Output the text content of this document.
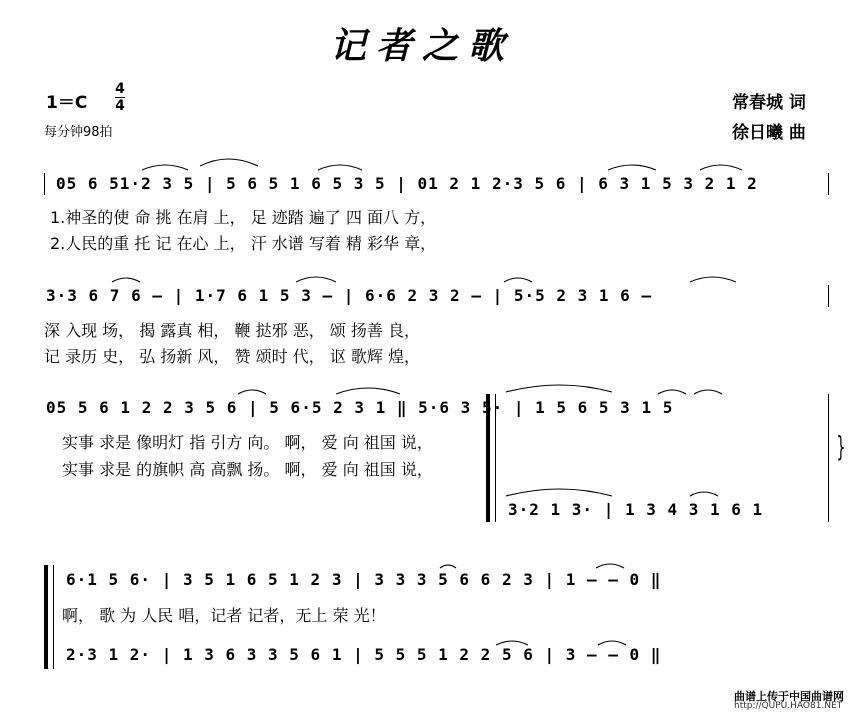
记者之歌
1＝C
4
4
每分钟98拍
常春城 词
徐日曦 曲
05 6 51·2 3 5 | 5 6 5 1 6 5 3 5 | 01 2 1 2·3 5 6 | 6 3 1 5 3 2 1 2
1.神圣的使 命 挑 在肩 上， 足 迹踏 遍了 四 面八 方，
2.人民的重 托 记 在心 上， 汗 水谱 写着 精 彩华 章，
3·3 6 7 6 — | 1·7 6 1 5 3 — | 6·6 2 3 2 — | 5·5 2 3 1 6 —
深 入现 场， 揭 露真 相， 鞭 挞邪 恶， 颂 扬善 良，
记 录历 史， 弘 扬新 风， 赞 颂时 代， 讴 歌辉 煌，
05 5 6 1 2 2 3 5 6 | 5 6·5 2 3 1 ‖ 5·6 3 5· | 1 5 6 5 3 1 5
实事 求是 像明灯 指 引方 向。 啊， 爱 向 祖国 说，
实事 求是 的旗帜 高 高飘 扬。 啊， 爱 向 祖国 说，
}
3·2 1 3· | 1 3 4 3 1 6 1
6·1 5 6· | 3 5 1 6 5 1 2 3 | 3 3 3 5 6 6 2 3 | 1 — — 0 ‖
啊， 歌 为 人民 唱，记者 记者，无上 荣 光！
2·3 1 2· | 1 3 6 3 3 5 6 1 | 5 5 5 1 2 2 5 6 | 3 — — 0 ‖
曲谱上传于中国曲谱网
http://QUPU.HAO81.NET
